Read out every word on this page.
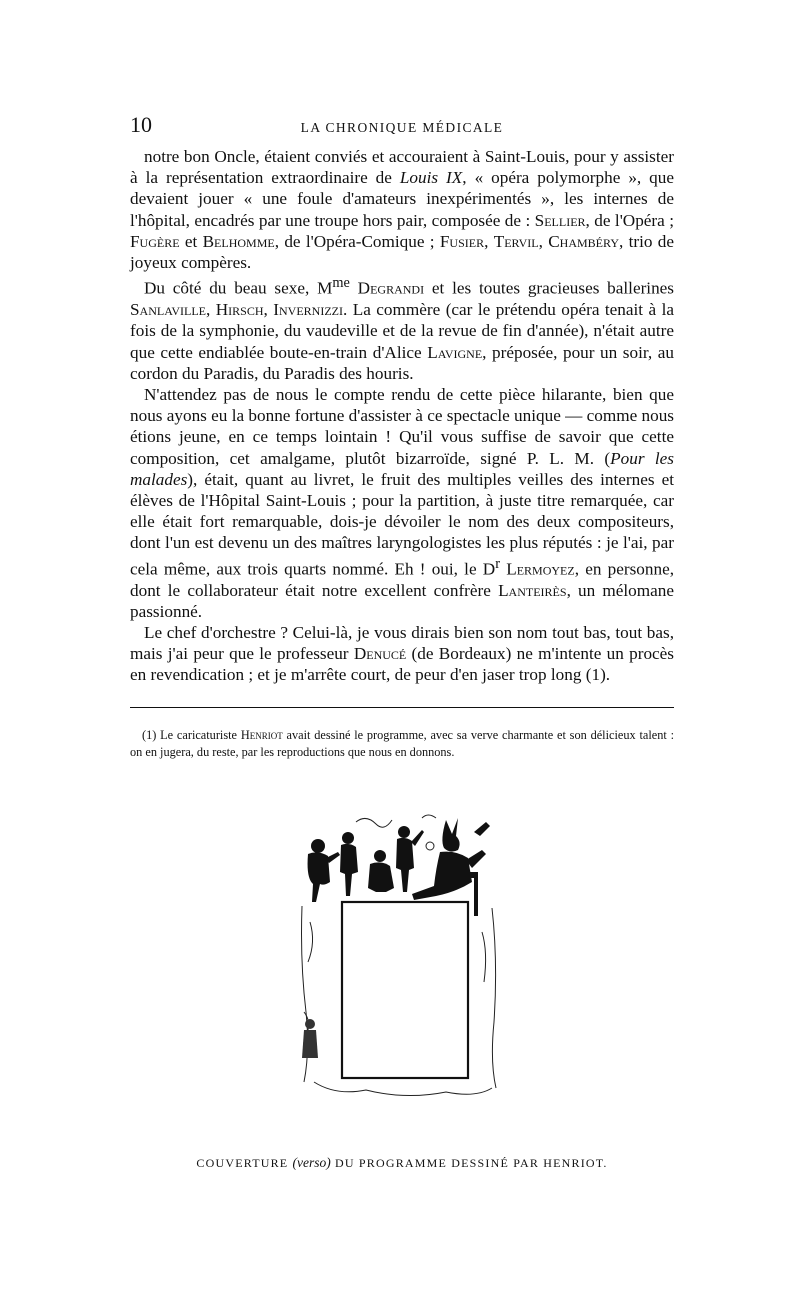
10	LA CHRONIQUE MÉDICALE

notre bon Oncle, étaient conviés et accouraient à Saint-Louis, pour y assister à la représentation extraordinaire de Louis IX, « opéra polymorphe », que devaient jouer « une foule d'amateurs inexpérimentés », les internes de l'hôpital, encadrés par une troupe hors pair, composée de : Sellier, de l'Opéra ; Fugère et Belhomme, de l'Opéra-Comique ; Fusier, Tervil, Chambéry, trio de joyeux compères.

Du côté du beau sexe, $M^{me}$ Degrandi et les toutes gracieuses ballerines Sanlaville, Hirsch, Invernizzi. La commère (car le prétendu opéra tenait à la fois de la symphonie, du vaudeville et de la revue de fin d'année), n'était autre que cette endiablée boute-en-train d'Alice Lavigne, préposée, pour un soir, au cordon du Paradis, du Paradis des houris.

N'attendez pas de nous le compte rendu de cette pièce hilarante, bien que nous ayons eu la bonne fortune d'assister à ce spectacle unique — comme nous étions jeune, en ce temps lointain ! Qu'il vous suffise de savoir que cette composition, cet amalgame, plutôt bizarroïde, signé P. L. M. (Pour les malades), était, quant au livret, le fruit des multiples veilles des internes et élèves de l'Hôpital Saint-Louis ; pour la partition, à juste titre remarquée, car elle était fort remarquable, dois-je dévoiler le nom des deux compositeurs, dont l'un est devenu un des maîtres laryngologistes les plus réputés : je l'ai, par cela même, aux trois quarts nommé. Eh ! oui, le $D^r$ Lermoyez, en personne, dont le collaborateur était notre excellent confrère Lanteirès, un mélomane passionné.

Le chef d'orchestre ? Celui-là, je vous dirais bien son nom tout bas, tout bas, mais j'ai peur que le professeur Denucé (de Bordeaux) ne m'intente un procès en revendication ; et je m'arrête court, de peur d'en jaser trop long (1).

(1) Le caricaturiste Henriot avait dessiné le programme, avec sa verve charmante et son délicieux talent : on en jugera, du reste, par les reproductions que nous en donnons.

COUVERTURE (verso) DU PROGRAMME DESSINÉ PAR HENRIOT.
